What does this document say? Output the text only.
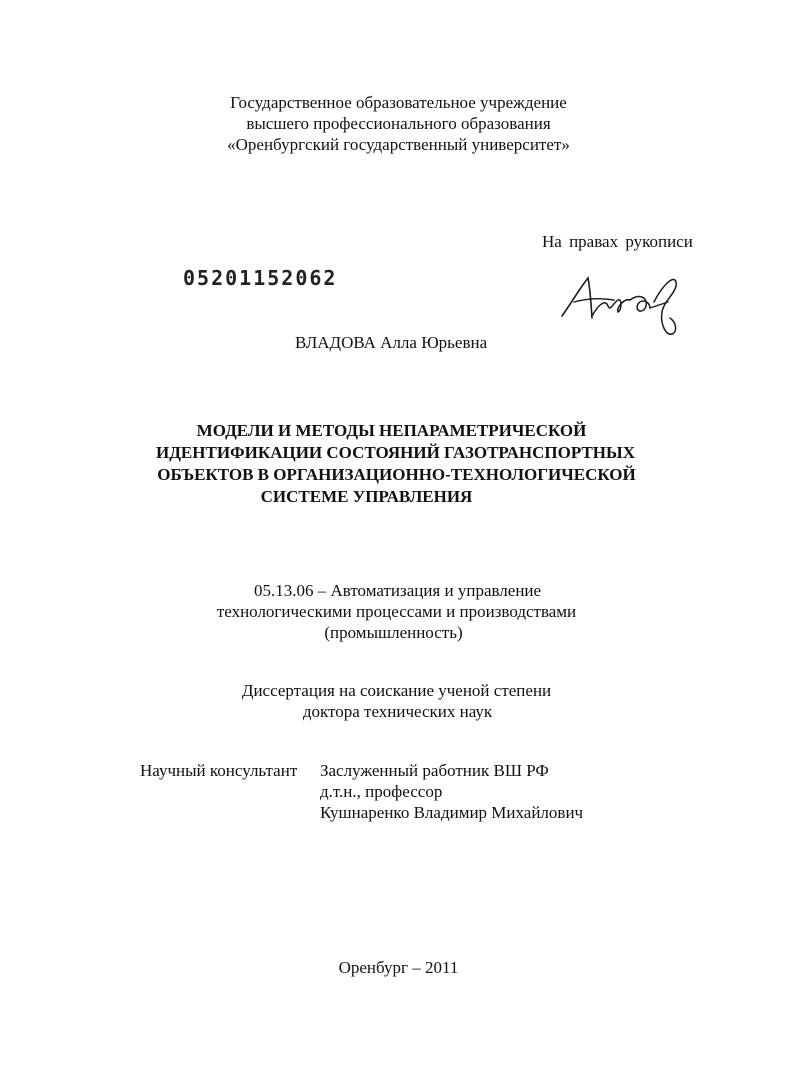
Государственное образовательное учреждение
высшего профессионального образования
«Оренбургский государственный университет»
На правах рукописи
05201152062
ВЛАДОВА Алла Юрьевна
МОДЕЛИ И МЕТОДЫ НЕПАРАМЕТРИЧЕСКОЙ
ИДЕНТИФИКАЦИИ СОСТОЯНИЙ ГАЗОТРАНСПОРТНЫХ
ОБЪЕКТОВ В ОРГАНИЗАЦИОННО-ТЕХНОЛОГИЧЕСКОЙ
СИСТЕМЕ УПРАВЛЕНИЯ
05.13.06 – Автоматизация и управление
технологическими процессами и производствами
(промышленность)
Диссертация на соискание ученой степени
доктора технических наук
Научный консультант Заслуженный работник ВШ РФ
д.т.н., профессор
Кушнаренко Владимир Михайлович
Оренбург – 2011
